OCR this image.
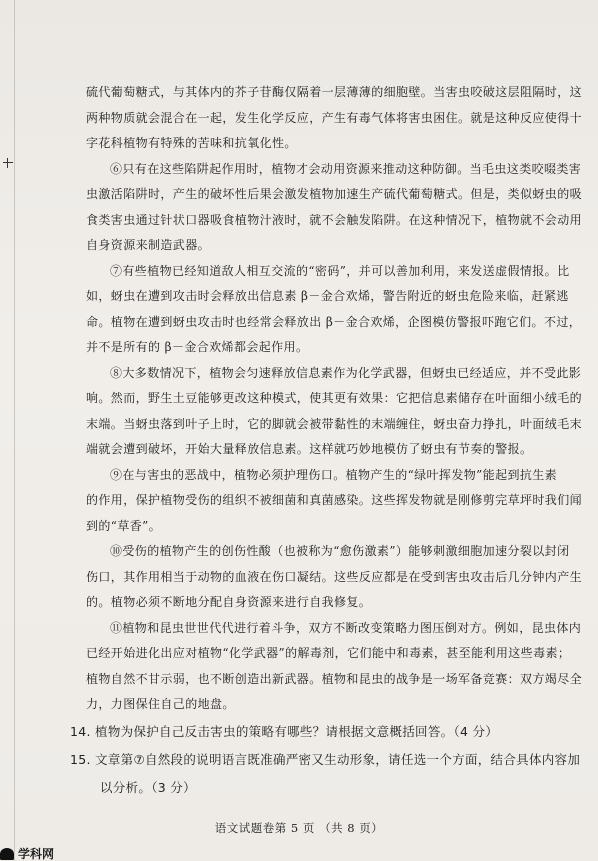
硫代葡萄糖式，与其体内的芥子苷酶仅隔着一层薄薄的细胞壁。当害虫咬破这层阻隔时，这

两种物质就会混合在一起，发生化学反应，产生有毒气体将害虫困住。就是这种反应使得十

字花科植物有特殊的苦味和抗氧化性。

⑥只有在这些陷阱起作用时，植物才会动用资源来推动这种防御。当毛虫这类咬啜类害

虫激活陷阱时，产生的破坏性后果会激发植物加速生产硫代葡萄糖式。但是，类似蚜虫的吸

食类害虫通过针状口器吸食植物汁液时，就不会触发陷阱。在这种情况下，植物就不会动用

自身资源来制造武器。

⑦有些植物已经知道敌人相互交流的“密码”，并可以善加利用，来发送虚假情报。比

如，蚜虫在遭到攻击时会释放出信息素 β－金合欢烯，警告附近的蚜虫危险来临，赶紧逃

命。植物在遭到蚜虫攻击时也经常会释放出 β－金合欢烯，企图模仿警报吓跑它们。不过，

并不是所有的 β－金合欢烯都会起作用。

⑧大多数情况下，植物会匀速释放信息素作为化学武器，但蚜虫已经适应，并不受此影

响。然而，野生土豆能够更改这种模式，使其更有效果：它把信息素储存在叶面细小绒毛的

末端。当蚜虫落到叶子上时，它的脚就会被带黏性的末端缠住，蚜虫奋力挣扎，叶面绒毛末

端就会遭到破坏，开始大量释放信息素。这样就巧妙地模仿了蚜虫有节奏的警报。

⑨在与害虫的恶战中，植物必须护理伤口。植物产生的“绿叶挥发物”能起到抗生素

的作用，保护植物受伤的组织不被细菌和真菌感染。这些挥发物就是刚修剪完草坪时我们闻

到的“草香”。

⑩受伤的植物产生的创伤性酸（也被称为“愈伤激素”）能够刺激细胞加速分裂以封闭

伤口，其作用相当于动物的血液在伤口凝结。这些反应都是在受到害虫攻击后几分钟内产生

的。植物必须不断地分配自身资源来进行自我修复。

⑪植物和昆虫世世代代进行着斗争，双方不断改变策略力图压倒对方。例如，昆虫体内

已经开始进化出应对植物“化学武器”的解毒剂，它们能中和毒素，甚至能利用这些毒素；

植物自然不甘示弱，也不断创造出新武器。植物和昆虫的战争是一场军备竞赛：双方竭尽全

力，力图保住自己的地盘。

14. 植物为保护自己反击害虫的策略有哪些？请根据文意概括回答。（4 分）

15. 文章第⑦自然段的说明语言既准确严密又生动形象，请任选一个方面，结合具体内容加

以分析。（3 分）

语文试题卷第 5 页 （共 8 页）
学科网
